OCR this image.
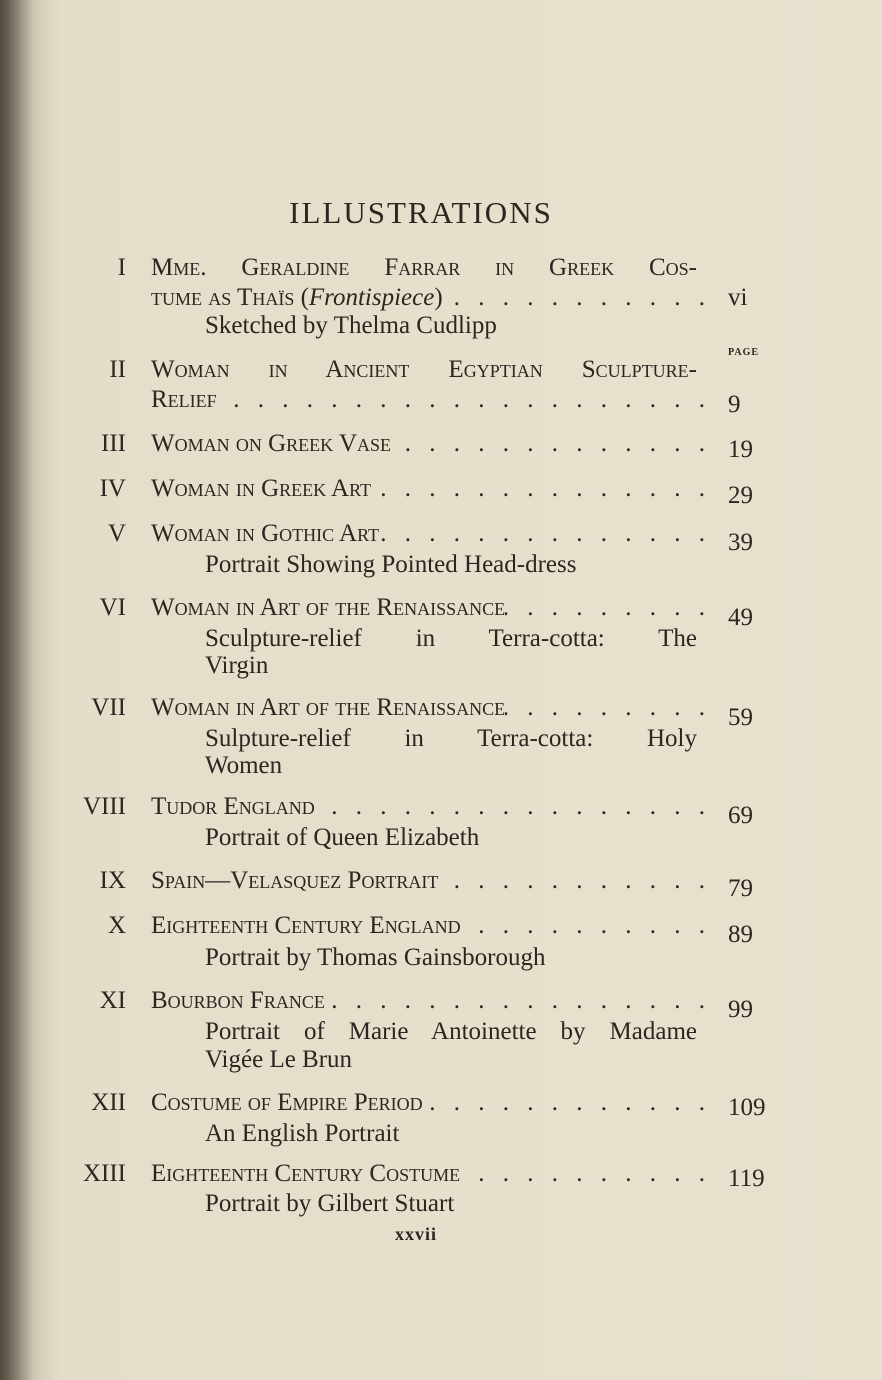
ILLUSTRATIONS
PAGE
I Mme. Geraldine Farrar in Greek Cos-
tume as Thaïs (Frontispiece) . . .	vi
Sketched by Thelma Cudlipp
II Woman in Ancient Egyptian Sculpture-
Relief . . .	9
III Woman on Greek Vase . . .	19
IV Woman in Greek Art . . .	29
V Woman in Gothic Art . . .	39
Portrait Showing Pointed Head-dress
VI Woman in Art of the Renaissance . . .	49
Sculpture-relief in Terra-cotta: The
Virgin
VII Woman in Art of the Renaissance . . .	59
Sulpture-relief in Terra-cotta: Holy
Women
VIII Tudor England . . .	69
Portrait of Queen Elizabeth
IX Spain—Velasquez Portrait . . .	79
X Eighteenth Century England . . .	89
Portrait by Thomas Gainsborough
XI Bourbon France . . .	99
Portrait of Marie Antoinette by Madame
Vigée Le Brun
XII Costume of Empire Period . . .	109
An English Portrait
XIII Eighteenth Century Costume . . .	119
Portrait by Gilbert Stuart
xxvii
